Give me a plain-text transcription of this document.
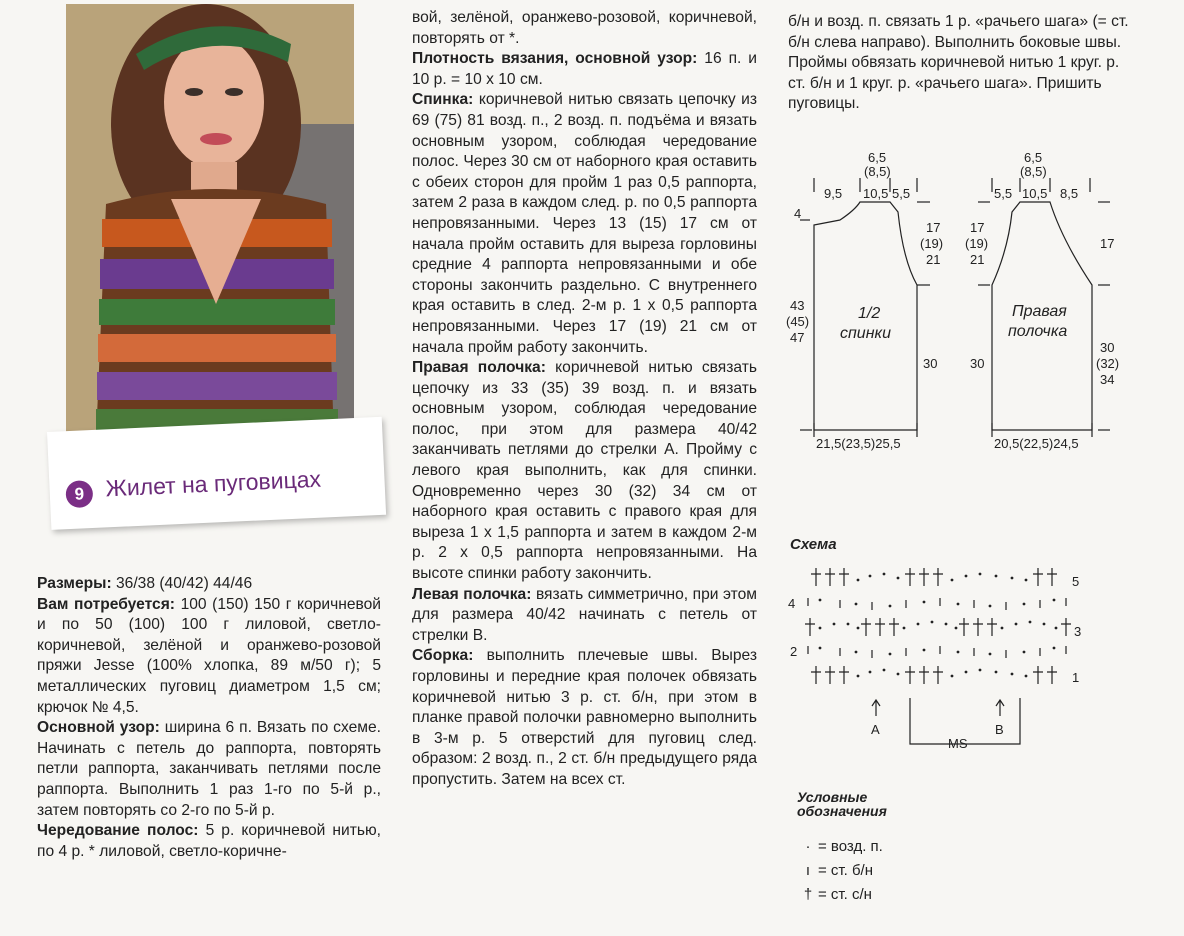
9 Жилет на пуговицах

Размеры: 36/38 (40/42) 44/46

Вам потребуется: 100 (150) 150 г коричневой и по 50 (100) 100 г лиловой, светло-коричневой, зелёной и оранжево-розовой пряжи Jesse (100% хлопка, 89 м/50 г); 5 металлических пуговиц диаметром 1,5 см; крючок № 4,5.

Основной узор: ширина 6 п. Вязать по схеме. Начинать с петель до раппорта, повторять петли раппорта, заканчивать петлями после раппорта. Выполнить 1 раз 1-го по 5-й р., затем повторять со 2-го по 5-й р.

Чередование полос: 5 р. коричневой нитью, по 4 р. * лиловой, светло-коричне-

вой, зелёной, оранжево-розовой, коричневой, повторять от *.

Плотность вязания, основной узор: 16 п. и 10 р. = 10 х 10 см.

Спинка: коричневой нитью связать цепочку из 69 (75) 81 возд. п., 2 возд. п. подъёма и вязать основным узором, соблюдая чередование полос. Через 30 см от наборного края оставить с обеих сторон для пройм 1 раз 0,5 раппорта, затем 2 раза в каждом след. р. по 0,5 раппорта непровязанными. Через 13 (15) 17 см от начала пройм оставить для выреза горловины средние 4 раппорта непровязанными и обе стороны закончить раздельно. С внутреннего края оставить в след. 2-м р. 1 х 0,5 раппорта непровязанными. Через 17 (19) 21 см от начала пройм работу закончить.

Правая полочка: коричневой нитью связать цепочку из 33 (35) 39 возд. п. и вязать основным узором, соблюдая чередование полос, при этом для размера 40/42 заканчивать петлями до стрелки А. Пройму с левого края выполнить, как для спинки. Одновременно через 30 (32) 34 см от наборного края оставить с правого края для выреза 1 х 1,5 раппорта и затем в каждом 2-м р. 2 х 0,5 раппорта непровязанными. На высоте спинки работу закончить.

Левая полочка: вязать симметрично, при этом для размера 40/42 начинать с петель от стрелки В.

Сборка: выполнить плечевые швы. Вырез горловины и передние края полочек обвязать коричневой нитью 3 р. ст. б/н, при этом в планке правой полочки равномерно выполнить в 3-м р. 5 отверстий для пуговиц след. образом: 2 возд. п., 2 ст. б/н предыдущего ряда пропустить. Затем на всех ст.

б/н и возд. п. связать 1 р. «рачьего шага» (= ст. б/н слева направо). Выполнить боковые швы. Проймы обвязать коричневой нитью 1 круг. р. ст. б/н и 1 круг. р. «рачьего шага». Пришить пуговицы.

6,5
(8,5)
9,5 10,5 5,5
4
17
(19)
21
43
(45)
47
1/2
спинки
30
21,5(23,5)25,5
6,5
(8,5)
5,5 10,5 8,5
17
(19)
21
17
Правая
полочка
30
30
(32)
34
20,5(22,5)24,5
Схема
5
4
3
2
1
A	B
MS
Условные
обозначения
· = возд. п.
ı = ст. б/н
† = ст. с/н
